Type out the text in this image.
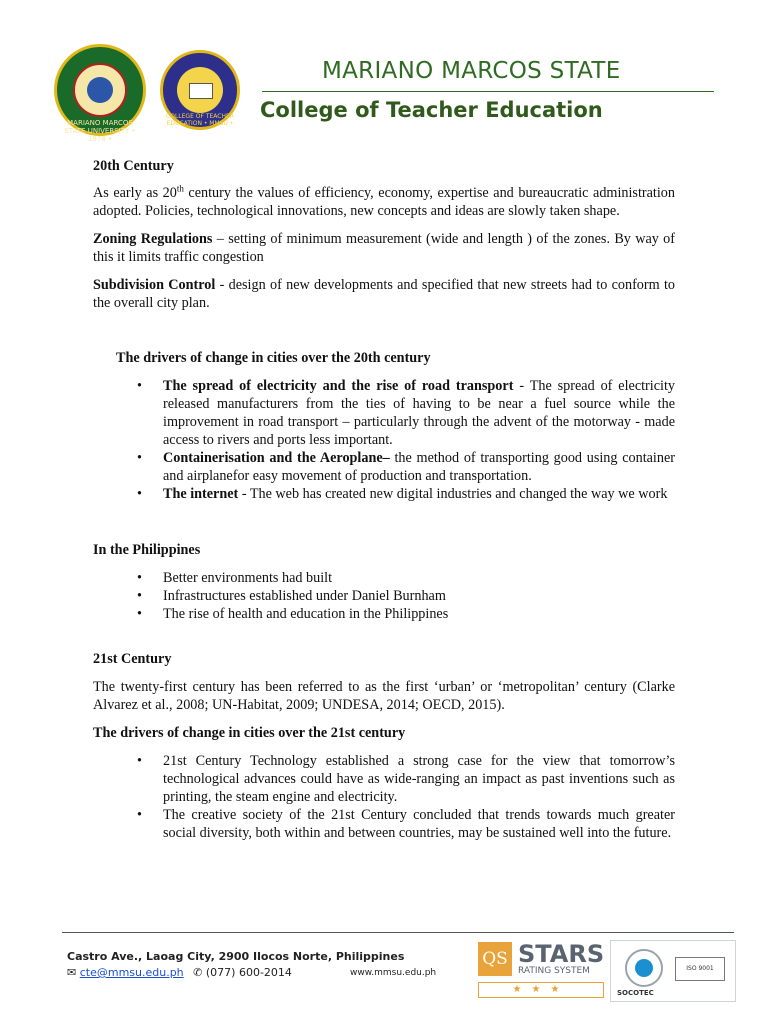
MARIANO MARCOS STATE UNIVERSITY • 1978 •
COLLEGE OF TEACHER EDUCATION • MMSU •
MARIANO MARCOS STATE
College of Teacher Education

20th Century

As early as 20th century the values of efficiency, economy, expertise and bureaucratic administration adopted. Policies, technological innovations, new concepts and ideas are slowly taken shape.

Zoning Regulations – setting of minimum measurement (wide and length ) of the zones. By way of this it limits traffic congestion

Subdivision Control - design of new developments and specified that new streets had to conform to the overall city plan.

The drivers of change in cities over the 20th century

• The spread of electricity and the rise of road transport - The spread of electricity released manufacturers from the ties of having to be near a fuel source while the improvement in road transport – particularly through the advent of the motorway - made access to rivers and ports less important.
• Containerisation and the Aeroplane– the method of transporting good using container and airplanefor easy movement of production and transportation.
• The internet - The web has created new digital industries and changed the way we work

In the Philippines

• Better environments had built
• Infrastructures established under Daniel Burnham
• The rise of health and education in the Philippines

21st Century

The twenty-first century has been referred to as the first ‘urban’ or ‘metropolitan’ century (Clarke Alvarez et al., 2008; UN-Habitat, 2009; UNDESA, 2014; OECD, 2015).

The drivers of change in cities over the 21st century

• 21st Century Technology established a strong case for the view that tomorrow’s technological advances could have as wide-ranging an impact as past inventions such as printing, the steam engine and electricity.
• The creative society of the 21st Century concluded that trends towards much greater social diversity, both within and between countries, may be sustained well into the future.
Castro Ave., Laoag City, 2900 Ilocos Norte, Philippines
✉ cte@mmsu.edu.ph ✆ (077) 600-2014	www.mmsu.edu.ph
QS STARS
RATING SYSTEM
★★★	SOCOTEC
ISO 9001
